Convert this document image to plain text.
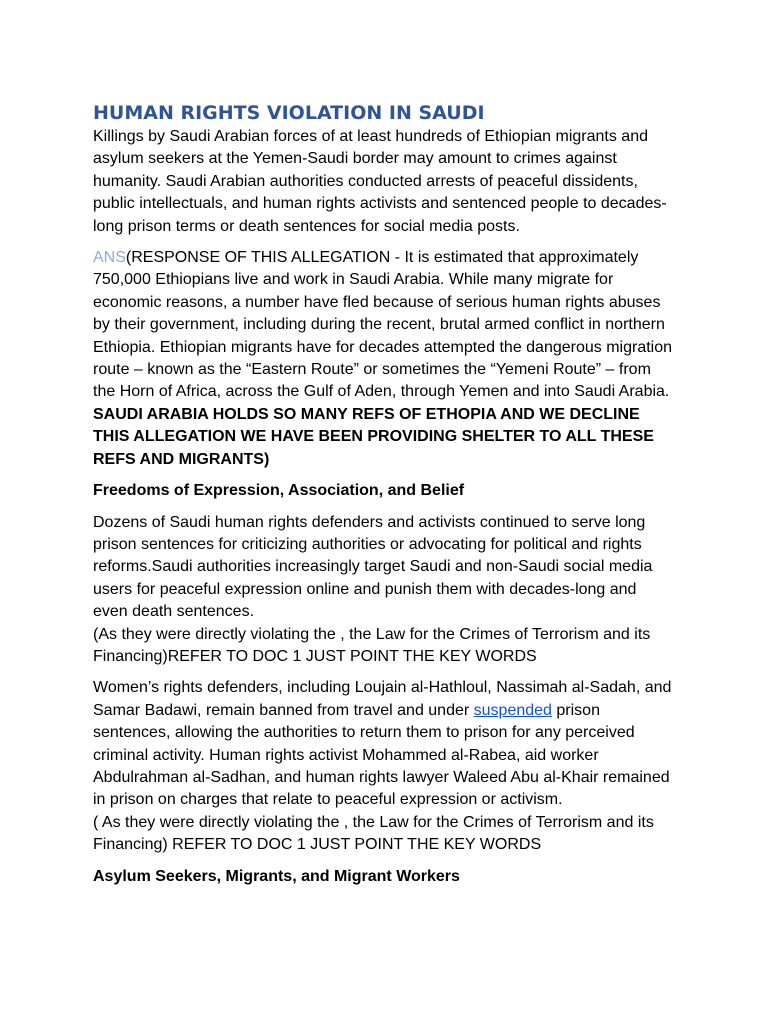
HUMAN RIGHTS VIOLATION IN SAUDI

Killings by Saudi Arabian forces of at least hundreds of Ethiopian migrants and asylum seekers at the Yemen-Saudi border may amount to crimes against humanity. Saudi Arabian authorities conducted arrests of peaceful dissidents, public intellectuals, and human rights activists and sentenced people to decades-long prison terms or death sentences for social media posts.

ANS(RESPONSE OF THIS ALLEGATION - It is estimated that approximately 750,000 Ethiopians live and work in Saudi Arabia. While many migrate for economic reasons, a number have fled because of serious human rights abuses by their government, including during the recent, brutal armed conflict in northern Ethiopia. Ethiopian migrants have for decades attempted the dangerous migration route – known as the “Eastern Route” or sometimes the “Yemeni Route” – from the Horn of Africa, across the Gulf of Aden, through Yemen and into Saudi Arabia. SAUDI ARABIA HOLDS SO MANY REFS OF ETHOPIA AND WE DECLINE THIS ALLEGATION WE HAVE BEEN PROVIDING SHELTER TO ALL THESE REFS AND MIGRANTS)

Freedoms of Expression, Association, and Belief

Dozens of Saudi human rights defenders and activists continued to serve long prison sentences for criticizing authorities or advocating for political and rights reforms.Saudi authorities increasingly target Saudi and non-Saudi social media users for peaceful expression online and punish them with decades-long and even death sentences.

(As they were directly violating the , the Law for the Crimes of Terrorism and its Financing)REFER TO DOC 1 JUST POINT THE KEY WORDS

Women’s rights defenders, including Loujain al-Hathloul, Nassimah al-Sadah, and Samar Badawi, remain banned from travel and under suspended prison sentences, allowing the authorities to return them to prison for any perceived criminal activity. Human rights activist Mohammed al-Rabea, aid worker Abdulrahman al-Sadhan, and human rights lawyer Waleed Abu al-Khair remained in prison on charges that relate to peaceful expression or activism.

( As they were directly violating the , the Law for the Crimes of Terrorism and its Financing) REFER TO DOC 1 JUST POINT THE KEY WORDS

Asylum Seekers, Migrants, and Migrant Workers
